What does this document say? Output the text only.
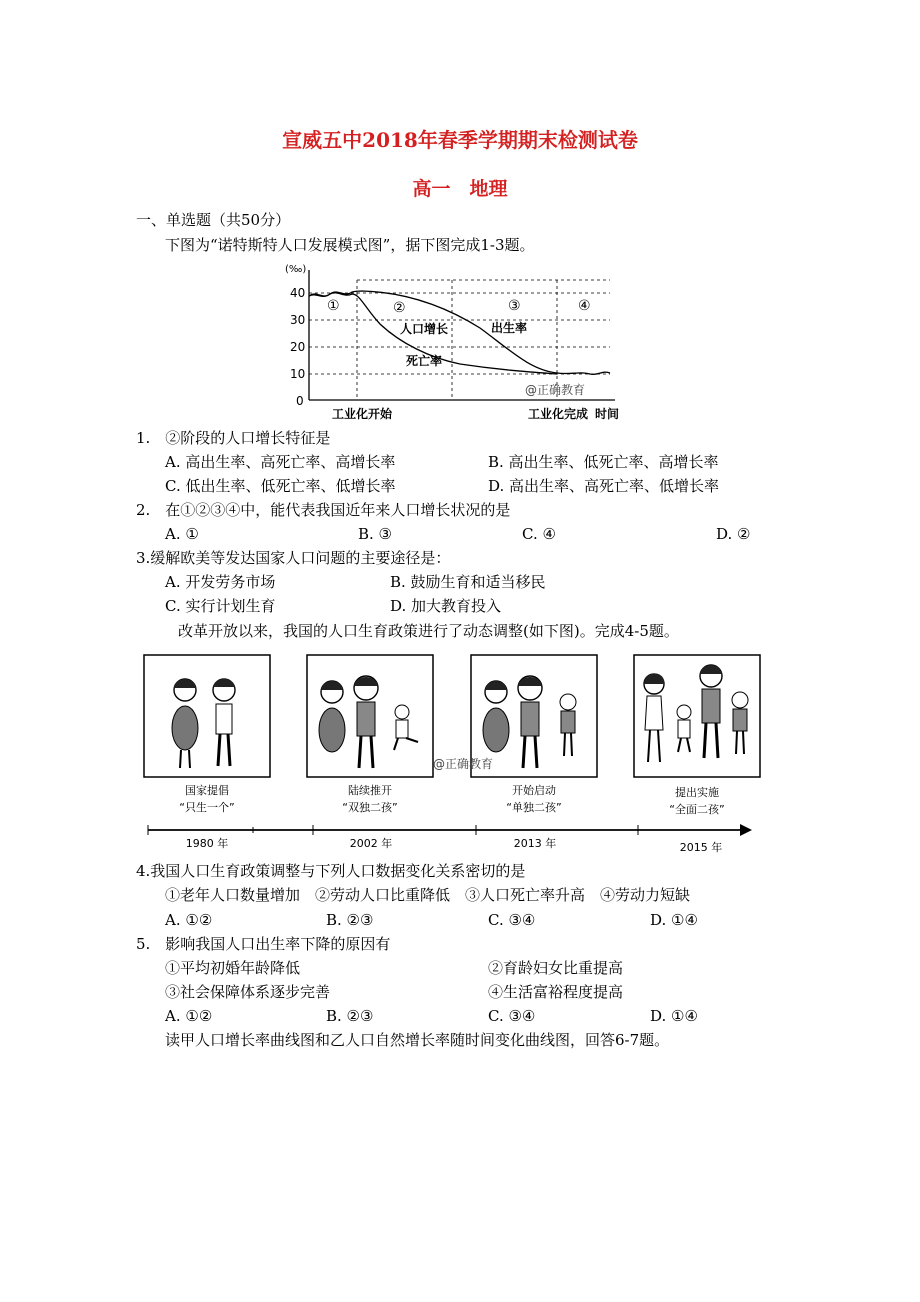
宣威五中2018年春季学期期末检测试卷
高一　地理
一、单选题（共50分）
下图为“诺特斯特人口发展模式图”，据下图完成1-3题。
(‰)
40
30
20
10
0
①	②	③	④
人口增长	出生率
死亡率
@正确教育
工业化开始	工业化完成 时间
1.　②阶段的人口增长特征是
A. 高出生率、高死亡率、高增长率	B. 高出生率、低死亡率、高增长率
C. 低出生率、低死亡率、低增长率	D. 高出生率、高死亡率、低增长率
2.　在①②③④中，能代表我国近年来人口增长状况的是
A. ①	B. ③	C. ④	D. ②
3.缓解欧美等发达国家人口问题的主要途径是：
A. 开发劳务市场	B. 鼓励生育和适当移民
C. 实行计划生育	D. 加大教育投入
改革开放以来，我国的人口生育政策进行了动态调整(如下图)。完成4-5题。
国家提倡
“只生一个”
陆续推开
“双独二孩”
开始启动
“单独二孩”
提出实施
“全面二孩”
@正确教育
1980 年	2002 年	2013 年	2015 年
4.我国人口生育政策调整与下列人口数据变化关系密切的是
①老年人口数量增加　②劳动人口比重降低　③人口死亡率升高　④劳动力短缺
A. ①②	B. ②③	C. ③④	D. ①④
5.　影响我国人口出生率下降的原因有
①平均初婚年龄降低	②育龄妇女比重提高
③社会保障体系逐步完善	④生活富裕程度提高
A. ①②	B. ②③	C. ③④	D. ①④
读甲人口增长率曲线图和乙人口自然增长率随时间变化曲线图，回答6-7题。
